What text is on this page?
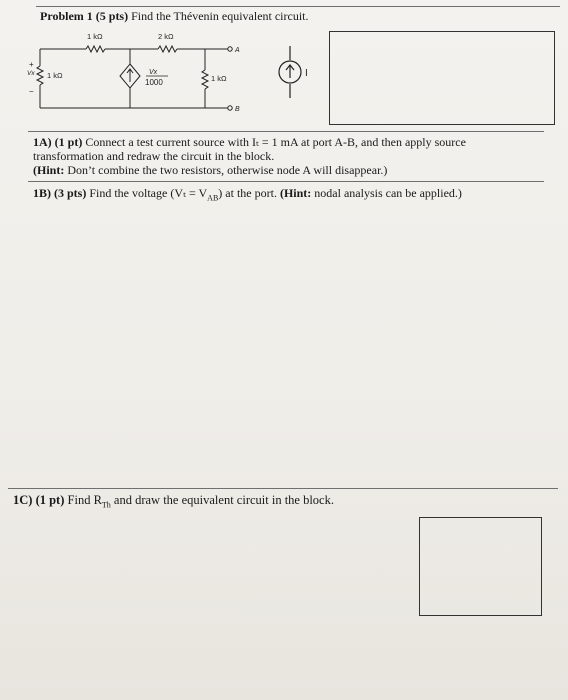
Problem 1 (5 pts) Find the Thévenin equivalent circuit.
1 kΩ	2 kΩ
1 kΩ	1 kΩ
Vx
+
−
Vx
1000
A
B
I
1A) (1 pt) Connect a test current source with Iₜ = 1 mA at port A-B, and then apply source
transformation and redraw the circuit in the block.
(Hint: Don’t combine the two resistors, otherwise node A will disappear.)
1B) (3 pts) Find the voltage $(V_t = V_{AB})$ at the port. (Hint: nodal analysis can be applied.)
1C) (1 pt) Find $R_{Th}$ and draw the equivalent circuit in the block.
